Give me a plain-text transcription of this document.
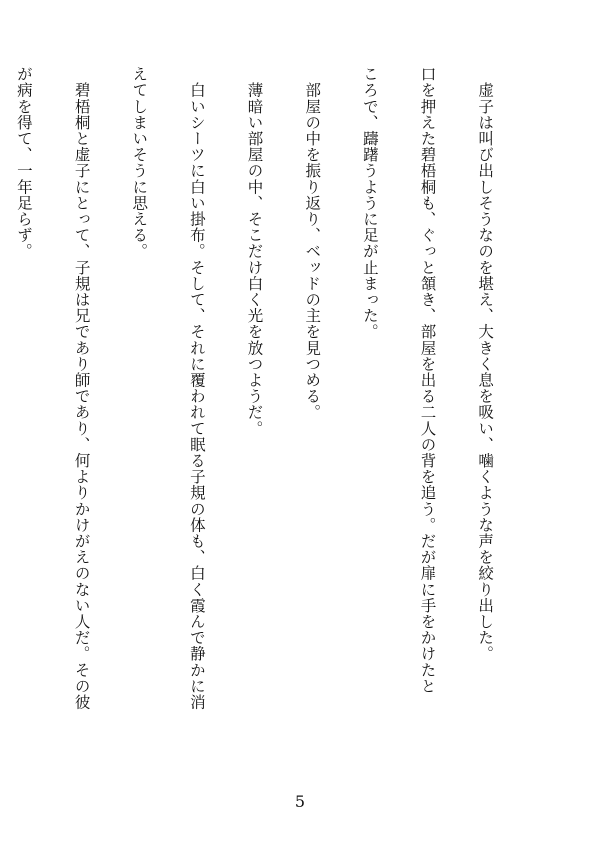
　虚子は叫び出しそうなのを堪え、大きく息を吸い、噛くような声を絞り出した。

口を押えた碧梧桐も、ぐっと頷き、部屋を出る二人の背を追う。だが扉に手をかけたと

ころで、躊躇うように足が止まった。

　部屋の中を振り返り、ベッドの主を見つめる。

　薄暗い部屋の中、そこだけ白く光を放つようだ。

　白いシーツに白い掛布。そして、それに覆われて眠る子規の体も、白く霞んで静かに消

えてしまいそうに思える。

　碧梧桐と虚子にとって、子規は兄であり師であり、何よりかけがえのない人だ。その彼

が病を得て、一年足らず。

5
